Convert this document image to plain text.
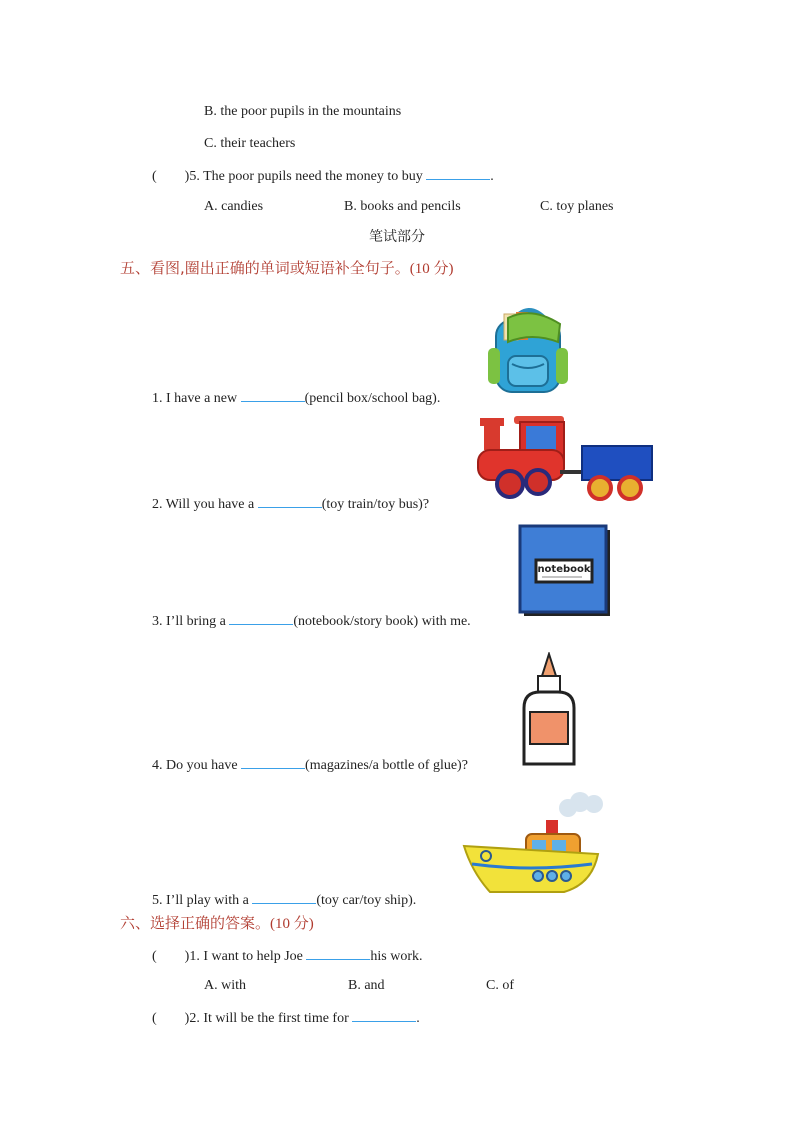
B. the poor pupils in the mountains
C. their teachers
( )5. The poor pupils need the money to buy	.
A. candies	B. books and pencils	C. toy planes
笔试部分
五、看图,圈出正确的单词或短语补全句子。(10 分)
1. I have a new	(pencil box/school bag).
2. Will you have a	(toy train/toy bus)?
notebook
3. I’ll bring a	(notebook/story book) with me.
4. Do you have	(magazines/a bottle of glue)?
5. I’ll play with a	(toy car/toy ship).
六、选择正确的答案。(10 分)
( )1. I want to help Joe	his work.
A. with	B. and	C. of
( )2. It will be the first time for	.
